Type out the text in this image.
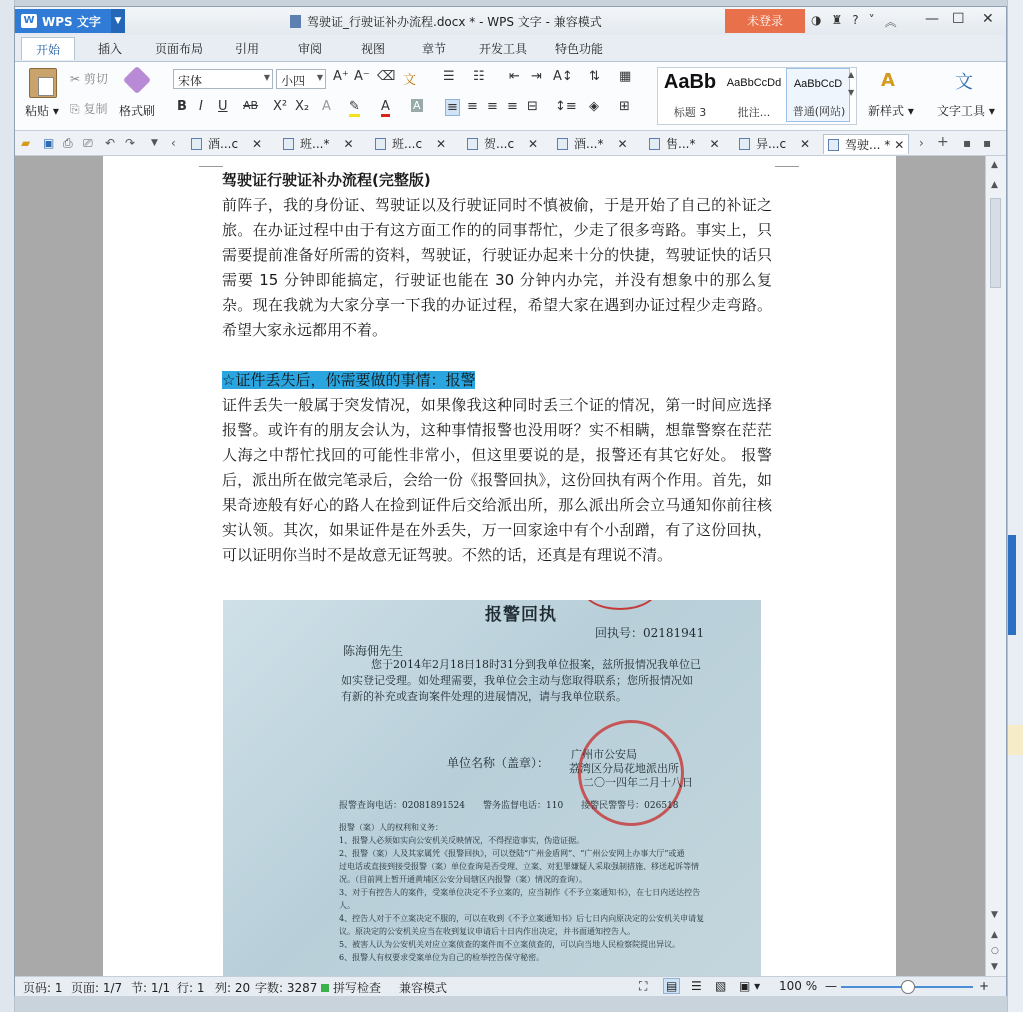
W WPS 文字	▼	驾驶证_行驶证补办流程.docx * - WPS 文字 - 兼容模式	未登录	◑ ♜ ? ˅ ︽ — ☐ ✕
开始	插入	页面布局	引用	审阅	视图	章节	开发工具 特色功能
粘贴 ▾
✂ 剪切
⎘ 复制 格式刷
宋体	▼ 小四 ▼ A⁺ A⁻ ⌫ 文
B I U AB X² X₂ A ✎ A A
☰ ☷ ⇤ ⇥ A↕ ⇅ ▦
≡ ≡ ≡ ≡ ⊟ ↕≡ ◈ ⊞
AaBb
标题 3
AaBbCcDd
批注...
AaBbCcD
普通(网站)
▲
▼
A
新样式 ▾
文
文字工具 ▾
▰ ▣ ⎙ ⎚ ↶ ↷ ▼ ‹	酒...c ✕	班...* ✕	班...c ✕	贺...c ✕	酒...* ✕	售...* ✕	异...c ✕	驾驶... * ✕ › + ▪ ▪

驾驶证行驶证补办流程(完整版)

前阵子，我的身份证、驾驶证以及行驶证同时不慎被偷，于是开始了自己的补证之旅。在办证过程中由于有这方面工作的的同事帮忙，少走了很多弯路。事实上，只需要提前准备好所需的资料，驾驶证，行驶证办起来十分的快捷，驾驶证快的话只需要 15 分钟即能搞定，行驶证也能在 30 分钟内办完，并没有想象中的那么复杂。现在我就为大家分享一下我的办证过程，希望大家在遇到办证过程少走弯路。希望大家永远都用不着。

☆证件丢失后，你需要做的事情：报警

证件丢失一般属于突发情况，如果像我这种同时丢三个证的情况，第一时间应选择报警。或许有的朋友会认为，这种事情报警也没用呀？实不相瞒，想靠警察在茫茫人海之中帮忙找回的可能性非常小，但这里要说的是，报警还有其它好处。 报警后，派出所在做完笔录后，会给一份《报警回执》，这份回执有两个作用。首先，如果奇迹般有好心的路人在捡到证件后交给派出所，那么派出所会立马通知你前往核实认领。其次，如果证件是在外丢失，万一回家途中有个小刮蹭，有了这份回执，可以证明你当时不是故意无证驾驶。不然的话，还真是有理说不清。

报警回执
回执号：02181941
陈海佣先生
您于2014年2月18日18时31分到我单位报案，兹所报情况我单位已
如实登记受理。如处理需要，我单位会主动与您取得联系；您所报情况如
有新的补充或查询案件处理的进展情况，请与我单位联系。
单位名称（盖章）：
广州市公安局
荔湾区分局花地派出所
二〇一四年二月十八日
报警查询电话：02081891524　　警务监督电话：110　　接警民警警号：026518
报警（案）人的权利和义务：
1、报警人必须如实向公安机关反映情况，不得捏造事实，伪造证据。
2、报警（案）人及其家属凭《报警回执》，可以登陆“广州金盾网”、“广州公安网上办事大厅”或通
过电话或直接到接受报警（案）单位查询是否受理、立案、对犯罪嫌疑人采取强制措施、移送起诉等情
况。（目前网上暂开通黄埔区公安分局辖区内报警（案）情况的查询）。
3、对于有控告人的案件，受案单位决定不予立案的，应当制作《不予立案通知书》，在七日内送达控告
人。
4、控告人对于不立案决定不服的，可以在收到《不予立案通知书》后七日内向原决定的公安机关申请复
议。原决定的公安机关应当在收到复议申请后十日内作出决定，并书面通知控告人。
5、被害人认为公安机关对应立案侦查的案件而不立案侦查的，可以向当地人民检察院提出异议。
6、报警人有权要求受案单位为自己的检举控告保守秘密。
▲
▲
▼
▲
○
▼
页码: 1 页面: 1/7 节: 1/1 行: 1 列: 20 字数: 3287	拼写检查 兼容模式	⛶ ▤ ☰ ▧ ▣ ▾ 100 % —	+
